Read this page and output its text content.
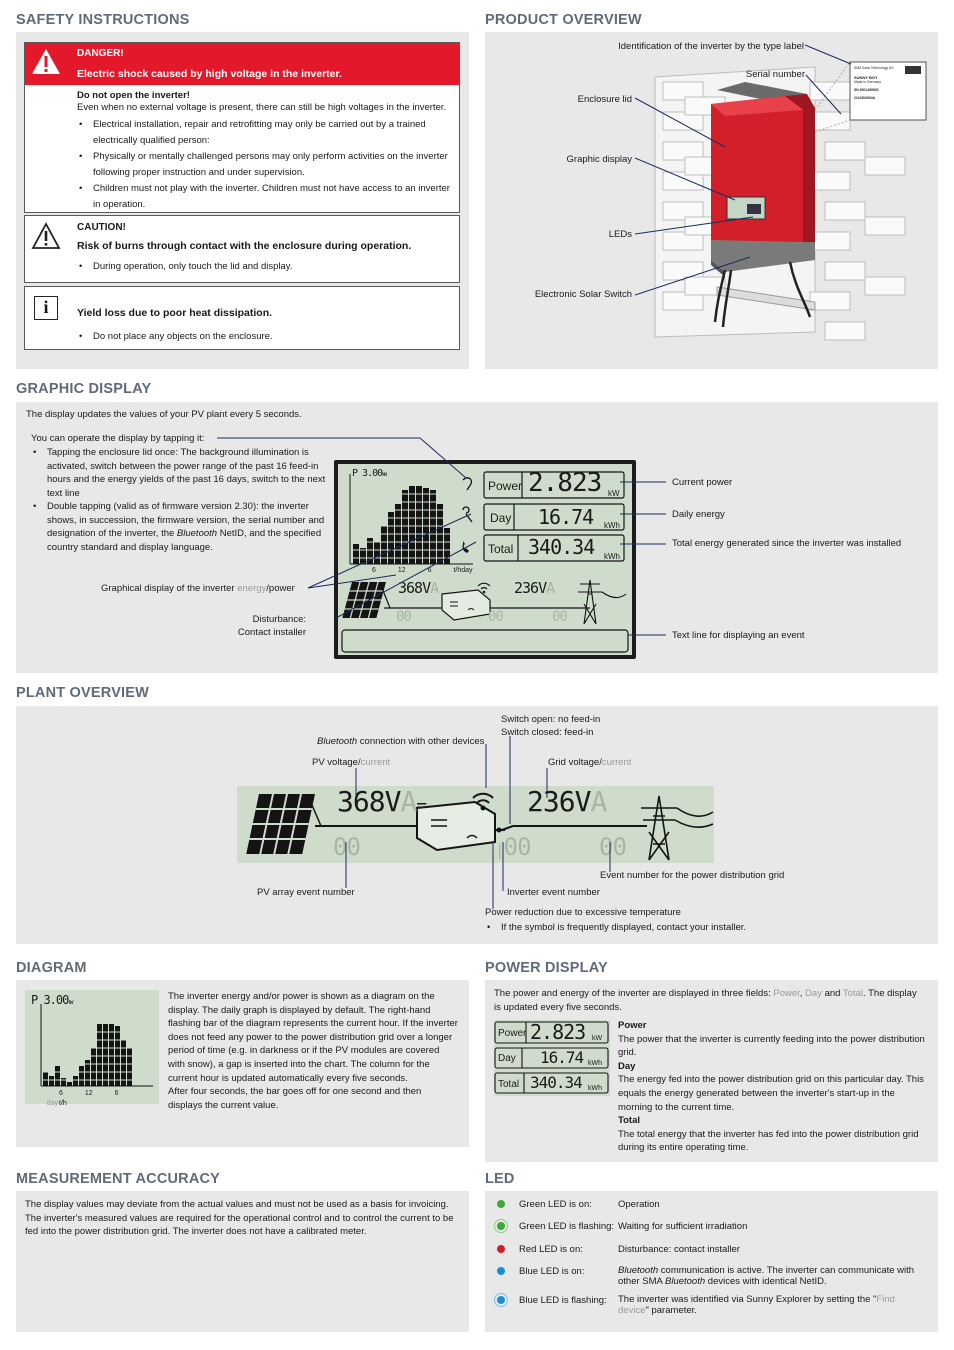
SAFETY INSTRUCTIONS
DANGER!
Electric shock caused by high voltage in the inverter.
Do not open the inverter!
Even when no external voltage is present, there can still be high voltages in the inverter.
• Electrical installation, repair and retrofitting may only be carried out by a trained electrically qualified person:
• Physically or mentally challenged persons may only perform activities on the inverter following proper instruction and under supervision.
• Children must not play with the inverter. Children must not have access to an inverter in operation.
CAUTION!
Risk of burns through contact with the enclosure during operation.
• During operation, only touch the lid and display.
i	Yield loss due to poor heat dissipation.
• Do not place any objects on the enclosure.
PRODUCT OVERVIEW
Identification of the inverter by the type label
Serial number
Enclosure lid
Graphic display
LEDs
Electronic Solar Switch
SMA Solar Technology AG
SUNNY BOY
Made in Germany
SN 2001459520
2110304934A
GRAPHIC DISPLAY
The display updates the values of your PV plant every 5 seconds.
You can operate the display by tapping it:
• Tapping the enclosure lid once: The background illumination is activated, switch between the power range of the past 16 feed-in hours and the energy yields of the past 16 days, switch to the next text line
• Double tapping (valid as of firmware version 2.30): the inverter shows, in succession, the firmware version, the serial number and designation of the inverter, the Bluetooth NetID, and the specified country standard and display language.
Graphical display of the inverter energy/power
Disturbance:
Contact installer
P 3.00kW
6	12	6	t/hday
Power 2.823 kW
Day 16.74 kWh
Total 340.34 kWh
368VA	236VA
00	00	00
Current power
Daily energy
Total energy generated since the inverter was installed
Text line for displaying an event
PLANT OVERVIEW
Switch open: no feed-in
Switch closed: feed-in
Bluetooth connection with other devices
PV voltage/current	Grid voltage/current
368VA=	236VA
00	|00	00
PV array event number	Inverter event number
Event number for the power distribution grid
Power reduction due to excessive temperature
• If the symbol is frequently displayed, contact your installer.
DIAGRAM
P 3.00kW
6	12	6 t/hday
The inverter energy and/or power is shown as a diagram on the display. The daily graph is displayed by default. The right-hand flashing bar of the diagram represents the current hour. If the inverter does not feed any power to the power distribution grid over a longer period of time (e.g. in darkness or if the PV modules are covered with snow), a gap is inserted into the chart. The column for the current hour is updated automatically every five seconds.
After four seconds, the bar goes off for one second and then displays the current value.
MEASUREMENT ACCURACY
The display values may deviate from the actual values and must not be used as a basis for invoicing. The inverter's measured values are required for the operational control and to control the current to be fed into the power distribution grid. The inverter does not have a calibrated meter.
POWER DISPLAY
The power and energy of the inverter are displayed in three fields: Power, Day and Total. The display is updated every five seconds.
Power 2.823 kW
Day 16.74 kWh
Total 340.34 kWh
Power
The power that the inverter is currently feeding into the power distribution grid.
Day
The energy fed into the power distribution grid on this particular day. This equals the energy generated between the inverter's start-up in the morning to the current time.
Total
The total energy that the inverter has fed into the power distribution grid during its entire operating time.
LED
Green LED is on:	Operation
Green LED is flashing: Waiting for sufficient irradiation
Red LED is on:	Disturbance: contact installer
Blue LED is on:	Bluetooth communication is active. The inverter can communicate with other SMA Bluetooth devices with identical NetID.
Blue LED is flashing: The inverter was identified via Sunny Explorer by setting the "Find device" parameter.
